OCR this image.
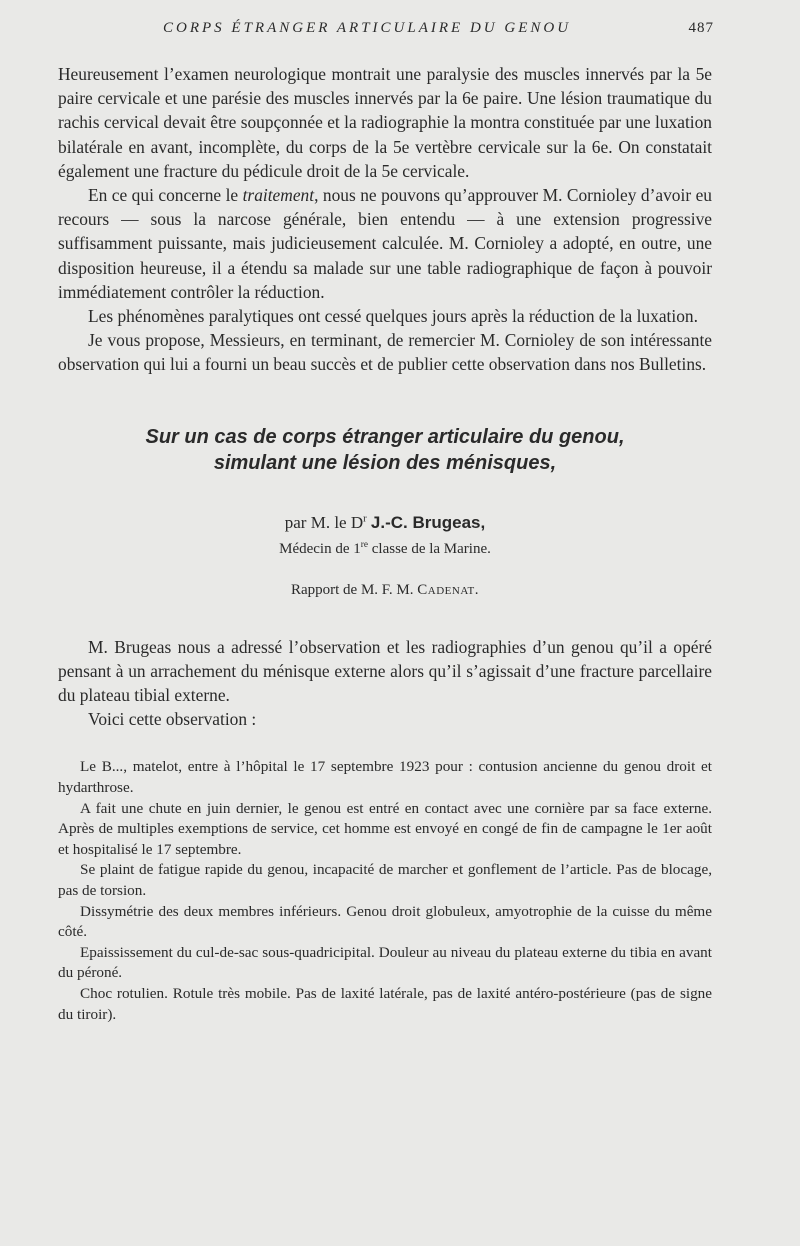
CORPS ÉTRANGER ARTICULAIRE DU GENOU	487

Heureusement l’examen neurologique montrait une paralysie des muscles innervés par la 5e paire cervicale et une parésie des muscles innervés par la 6e paire. Une lésion traumatique du rachis cervical devait être soupçonnée et la radiographie la montra constituée par une luxation bilatérale en avant, incomplète, du corps de la 5e vertèbre cervicale sur la 6e. On constatait également une fracture du pédicule droit de la 5e cervicale.

En ce qui concerne le traitement, nous ne pouvons qu’approuver M. Cornioley d’avoir eu recours — sous la narcose générale, bien entendu — à une extension progressive suffisamment puissante, mais judicieusement calculée. M. Cornioley a adopté, en outre, une disposition heureuse, il a étendu sa malade sur une table radiographique de façon à pouvoir immédiatement contrôler la réduction.

Les phénomènes paralytiques ont cessé quelques jours après la réduction de la luxation.

Je vous propose, Messieurs, en terminant, de remercier M. Cornioley de son intéressante observation qui lui a fourni un beau succès et de publier cette observation dans nos Bulletins.

Sur un cas de corps étranger articulaire du genou,
simulant une lésion des ménisques,
par M. le $D^r$ J.-C. Brugeas,
Médecin de 1re classe de la Marine.
Rapport de M. F. M. Cadenat.

M. Brugeas nous a adressé l’observation et les radiographies d’un genou qu’il a opéré pensant à un arrachement du ménisque externe alors qu’il s’agissait d’une fracture parcellaire du plateau tibial externe.

Voici cette observation :

Le B..., matelot, entre à l’hôpital le 17 septembre 1923 pour : contusion ancienne du genou droit et hydarthrose.

A fait une chute en juin dernier, le genou est entré en contact avec une cornière par sa face externe. Après de multiples exemptions de service, cet homme est envoyé en congé de fin de campagne le 1er août et hospitalisé le 17 septembre.

Se plaint de fatigue rapide du genou, incapacité de marcher et gonflement de l’article. Pas de blocage, pas de torsion.

Dissymétrie des deux membres inférieurs. Genou droit globuleux, amyotrophie de la cuisse du même côté.

Epaississement du cul-de-sac sous-quadricipital. Douleur au niveau du plateau externe du tibia en avant du péroné.

Choc rotulien. Rotule très mobile. Pas de laxité latérale, pas de laxité antéro-postérieure (pas de signe du tiroir).
